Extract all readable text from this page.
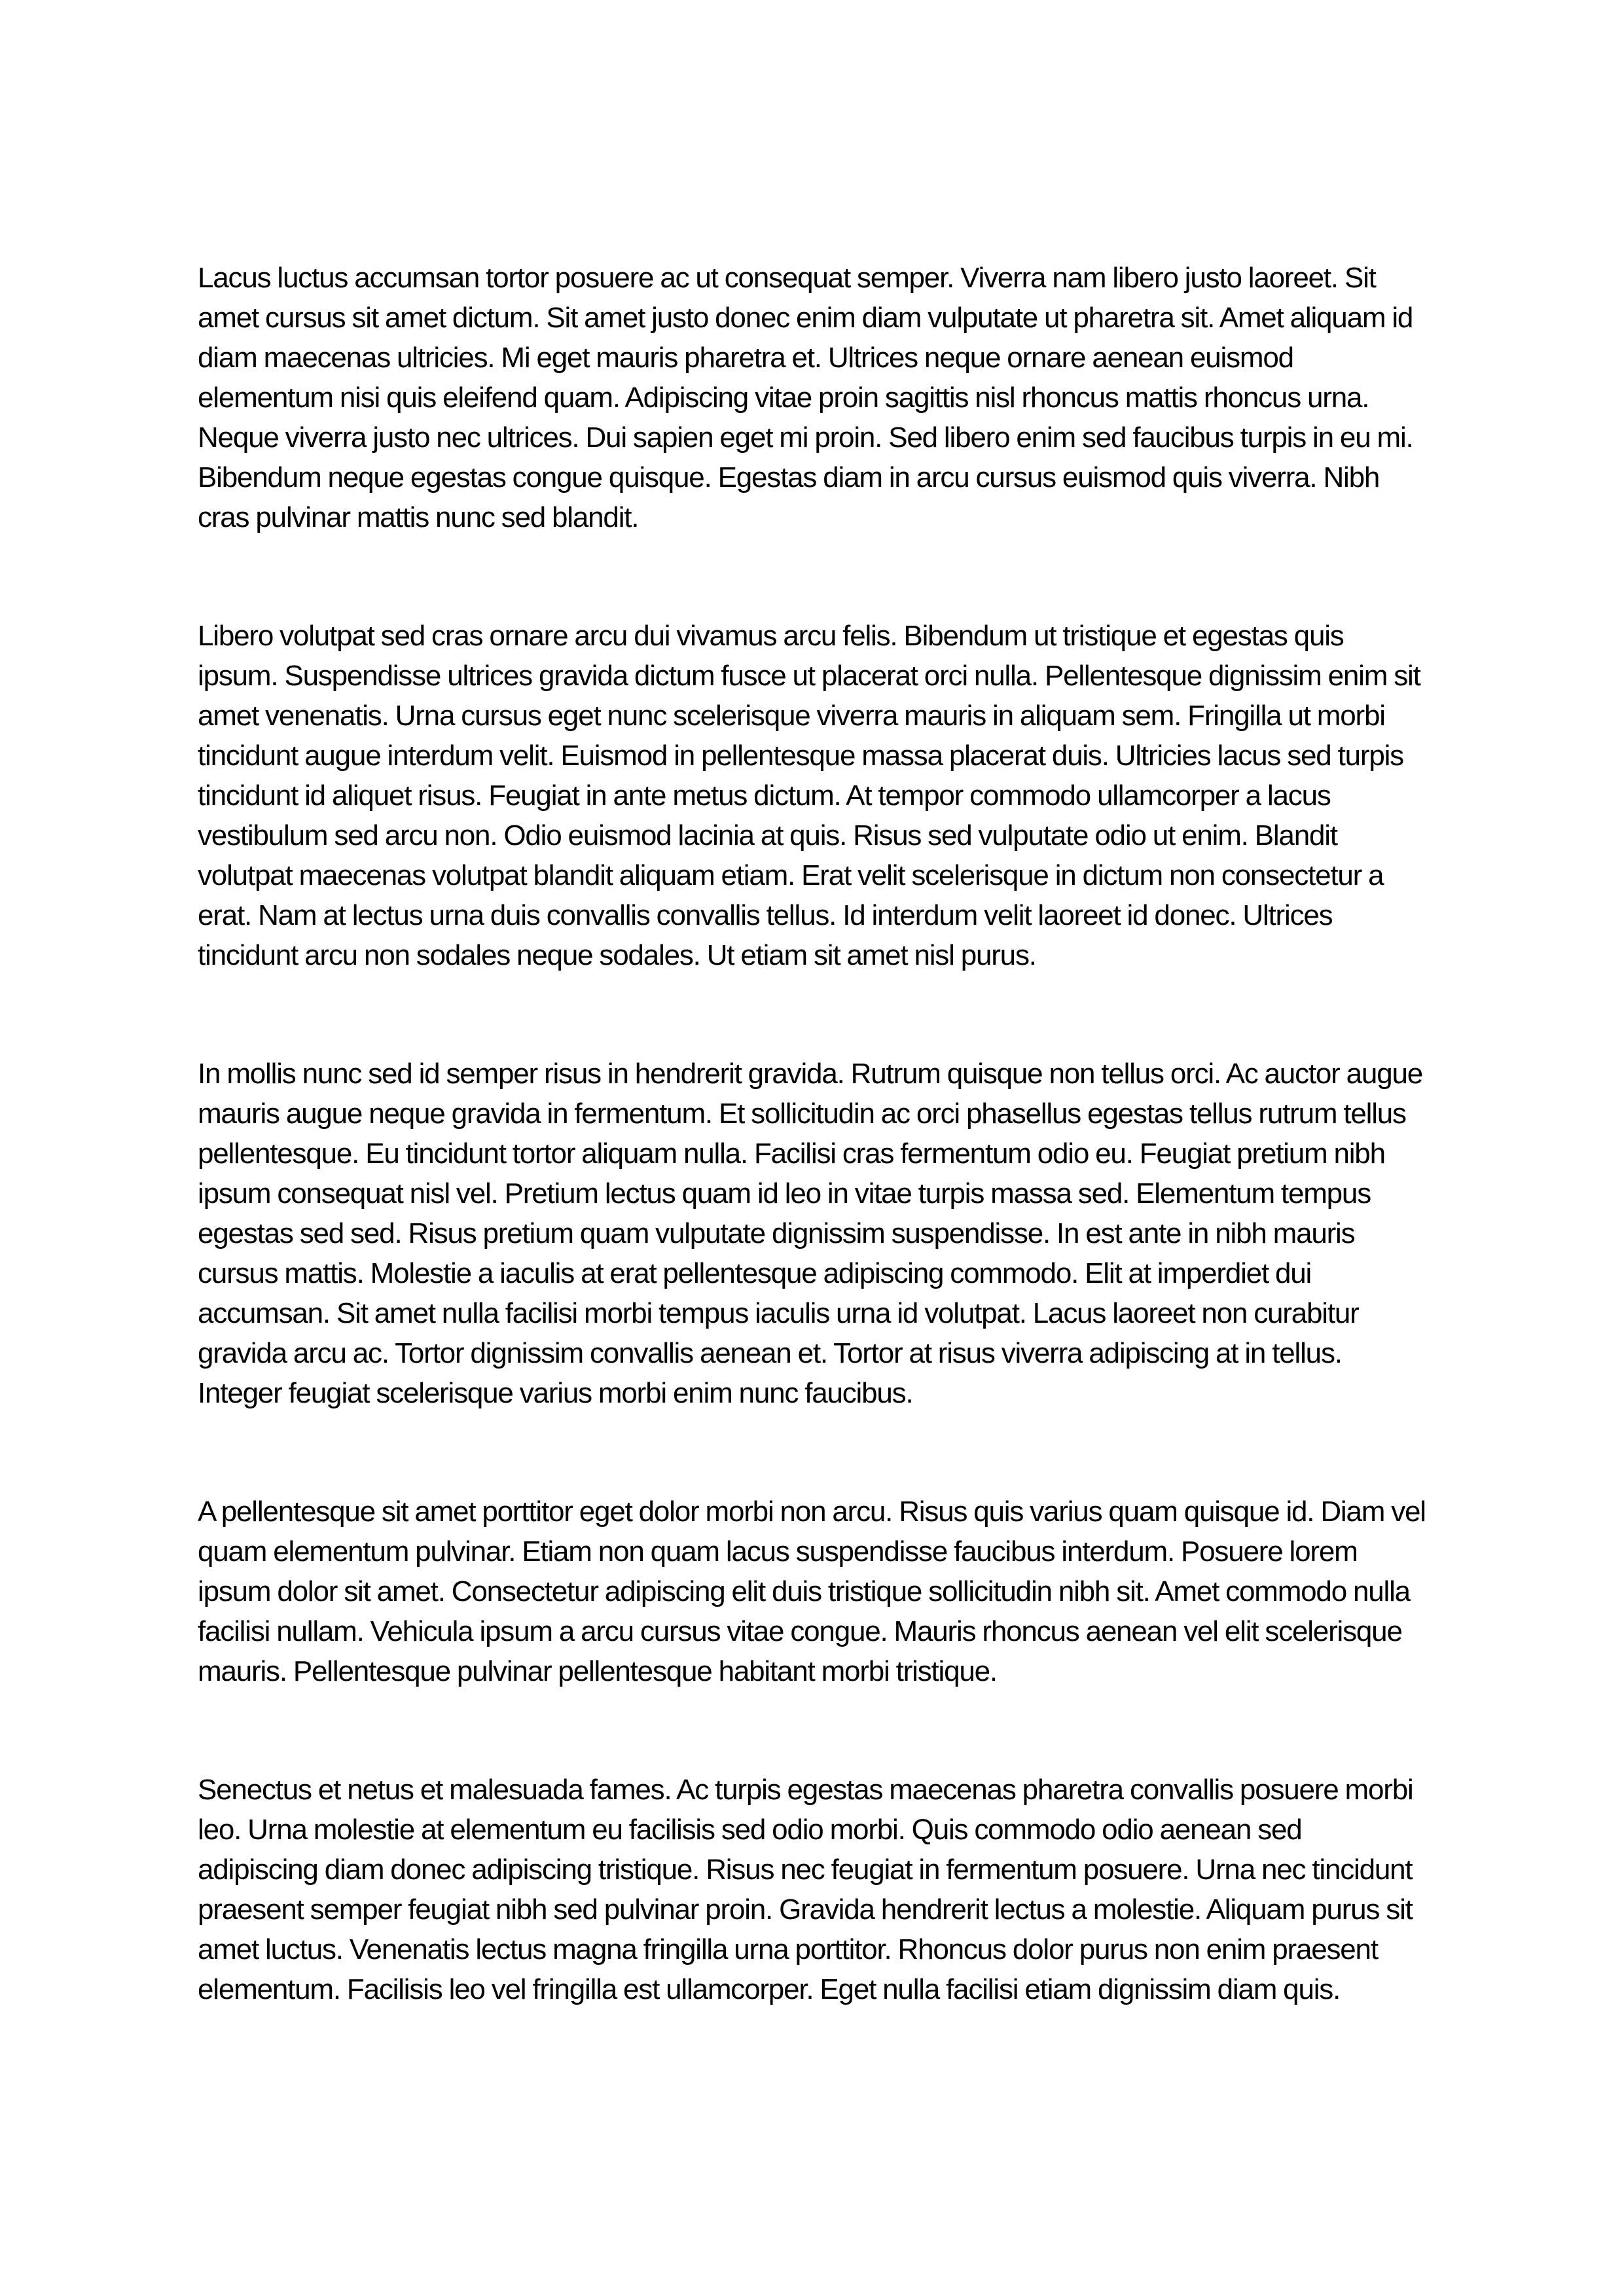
Lacus luctus accumsan tortor posuere ac ut consequat semper. Viverra nam libero justo laoreet. Sit amet cursus sit amet dictum. Sit amet justo donec enim diam vulputate ut pharetra sit. Amet aliquam id diam maecenas ultricies. Mi eget mauris pharetra et. Ultrices neque ornare aenean euismod elementum nisi quis eleifend quam. Adipiscing vitae proin sagittis nisl rhoncus mattis rhoncus urna. Neque viverra justo nec ultrices. Dui sapien eget mi proin. Sed libero enim sed faucibus turpis in eu mi. Bibendum neque egestas congue quisque. Egestas diam in arcu cursus euismod quis viverra. Nibh cras pulvinar mattis nunc sed blandit.

Libero volutpat sed cras ornare arcu dui vivamus arcu felis. Bibendum ut tristique et egestas quis ipsum. Suspendisse ultrices gravida dictum fusce ut placerat orci nulla. Pellentesque dignissim enim sit amet venenatis. Urna cursus eget nunc scelerisque viverra mauris in aliquam sem. Fringilla ut morbi tincidunt augue interdum velit. Euismod in pellentesque massa placerat duis. Ultricies lacus sed turpis tincidunt id aliquet risus. Feugiat in ante metus dictum. At tempor commodo ullamcorper a lacus vestibulum sed arcu non. Odio euismod lacinia at quis. Risus sed vulputate odio ut enim. Blandit volutpat maecenas volutpat blandit aliquam etiam. Erat velit scelerisque in dictum non consectetur a erat. Nam at lectus urna duis convallis convallis tellus. Id interdum velit laoreet id donec. Ultrices tincidunt arcu non sodales neque sodales. Ut etiam sit amet nisl purus.

In mollis nunc sed id semper risus in hendrerit gravida. Rutrum quisque non tellus orci. Ac auctor augue mauris augue neque gravida in fermentum. Et sollicitudin ac orci phasellus egestas tellus rutrum tellus pellentesque. Eu tincidunt tortor aliquam nulla. Facilisi cras fermentum odio eu. Feugiat pretium nibh ipsum consequat nisl vel. Pretium lectus quam id leo in vitae turpis massa sed. Elementum tempus egestas sed sed. Risus pretium quam vulputate dignissim suspendisse. In est ante in nibh mauris cursus mattis. Molestie a iaculis at erat pellentesque adipiscing commodo. Elit at imperdiet dui accumsan. Sit amet nulla facilisi morbi tempus iaculis urna id volutpat. Lacus laoreet non curabitur gravida arcu ac. Tortor dignissim convallis aenean et. Tortor at risus viverra adipiscing at in tellus. Integer feugiat scelerisque varius morbi enim nunc faucibus.

A pellentesque sit amet porttitor eget dolor morbi non arcu. Risus quis varius quam quisque id. Diam vel quam elementum pulvinar. Etiam non quam lacus suspendisse faucibus interdum. Posuere lorem ipsum dolor sit amet. Consectetur adipiscing elit duis tristique sollicitudin nibh sit. Amet commodo nulla facilisi nullam. Vehicula ipsum a arcu cursus vitae congue. Mauris rhoncus aenean vel elit scelerisque mauris. Pellentesque pulvinar pellentesque habitant morbi tristique.

Senectus et netus et malesuada fames. Ac turpis egestas maecenas pharetra convallis posuere morbi leo. Urna molestie at elementum eu facilisis sed odio morbi. Quis commodo odio aenean sed adipiscing diam donec adipiscing tristique. Risus nec feugiat in fermentum posuere. Urna nec tincidunt praesent semper feugiat nibh sed pulvinar proin. Gravida hendrerit lectus a molestie. Aliquam purus sit amet luctus. Venenatis lectus magna fringilla urna porttitor. Rhoncus dolor purus non enim praesent elementum. Facilisis leo vel fringilla est ullamcorper. Eget nulla facilisi etiam dignissim diam quis.
